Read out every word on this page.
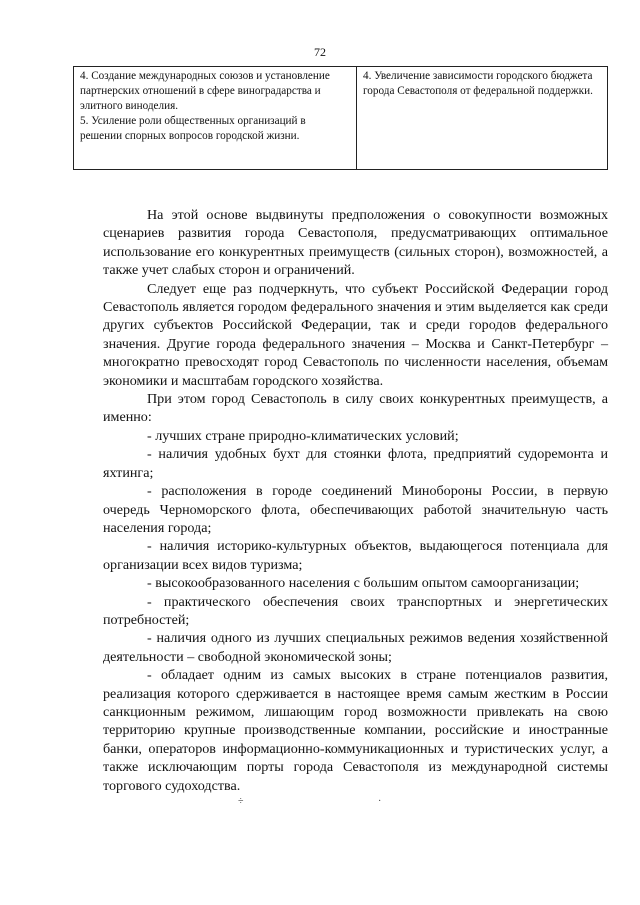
72

4. Создание международных союзов и установление партнерских отношений в сфере виноградарства и элитного виноделия.

5. Усиление роли общественных организаций в решении спорных вопросов городской жизни.

4. Увеличение зависимости городского бюджета города Севастополя от федеральной поддержки.

На этой основе выдвинуты предположения о совокупности возможных сценариев развития города Севастополя, предусматривающих оптимальное использование его конкурентных преимуществ (сильных сторон), возможностей, а также учет слабых сторон и ограничений.

Следует еще раз подчеркнуть, что субъект Российской Федерации город Севастополь является городом федерального значения и этим выделяется как среди других субъектов Российской Федерации, так и среди городов федерального значения. Другие города федерального значения – Москва и Санкт-Петербург – многократно превосходят город Севастополь по численности населения, объемам экономики и масштабам городского хозяйства.

При этом город Севастополь в силу своих конкурентных преимуществ, а именно:

- лучших стране природно-климатических условий;

- наличия удобных бухт для стоянки флота, предприятий судоремонта и яхтинга;

- расположения в городе соединений Минобороны России, в первую очередь Черноморского флота, обеспечивающих работой значительную часть населения города;

- наличия историко-культурных объектов, выдающегося потенциала для организации всех видов туризма;

- высокообразованного населения с большим опытом самоорганизации;

- практического обеспечения своих транспортных и энергетических потребностей;

- наличия одного из лучших специальных режимов ведения хозяйственной деятельности – свободной экономической зоны;

- обладает одним из самых высоких в стране потенциалов развития, реализация которого сдерживается в настоящее время самым жестким в России санкционным режимом, лишающим город возможности привлекать на свою территорию крупные производственные компании, российские и иностранные банки, операторов информационно-коммуникационных и туристических услуг, а также исключающим порты города Севастополя из международной системы торгового судоходства.

÷	·
